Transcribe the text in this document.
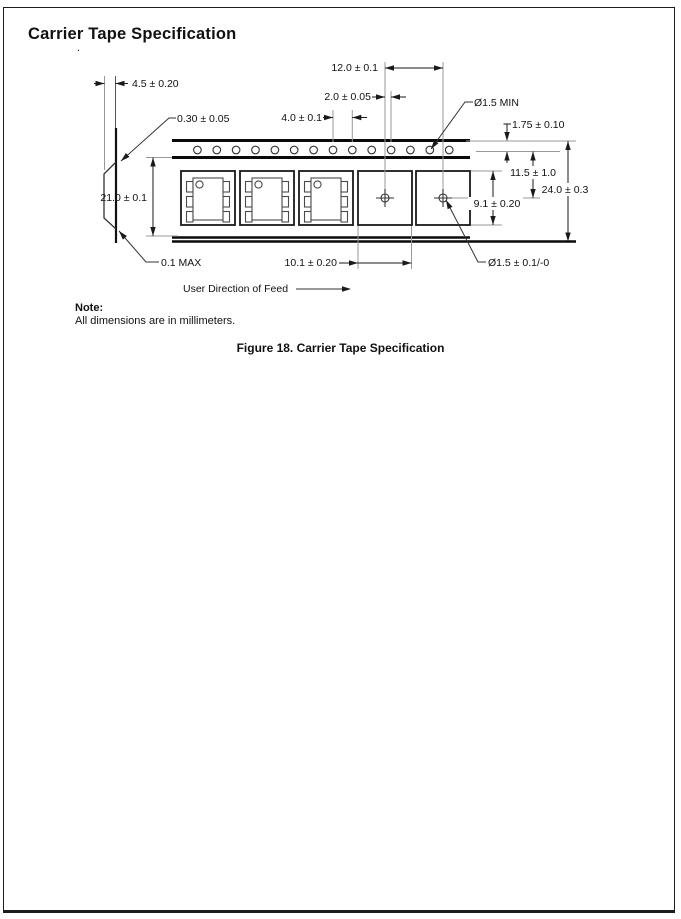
Carrier Tape Specification
.
Note:
All dimensions are in millimeters.
Figure 18. Carrier Tape Specification
User Direction of Feed
4.5 ± 0.20
0.30 ± 0.05
12.0 ± 0.1
2.0 ± 0.05
4.0 ± 0.1
Ø1.5 MIN
1.75 ± 0.10
11.5 ± 1.0
24.0 ± 0.3
9.1 ± 0.20
21.0 ± 0.1
0.1 MAX	10.1 ± 0.20	Ø1.5 ± 0.1/-0
